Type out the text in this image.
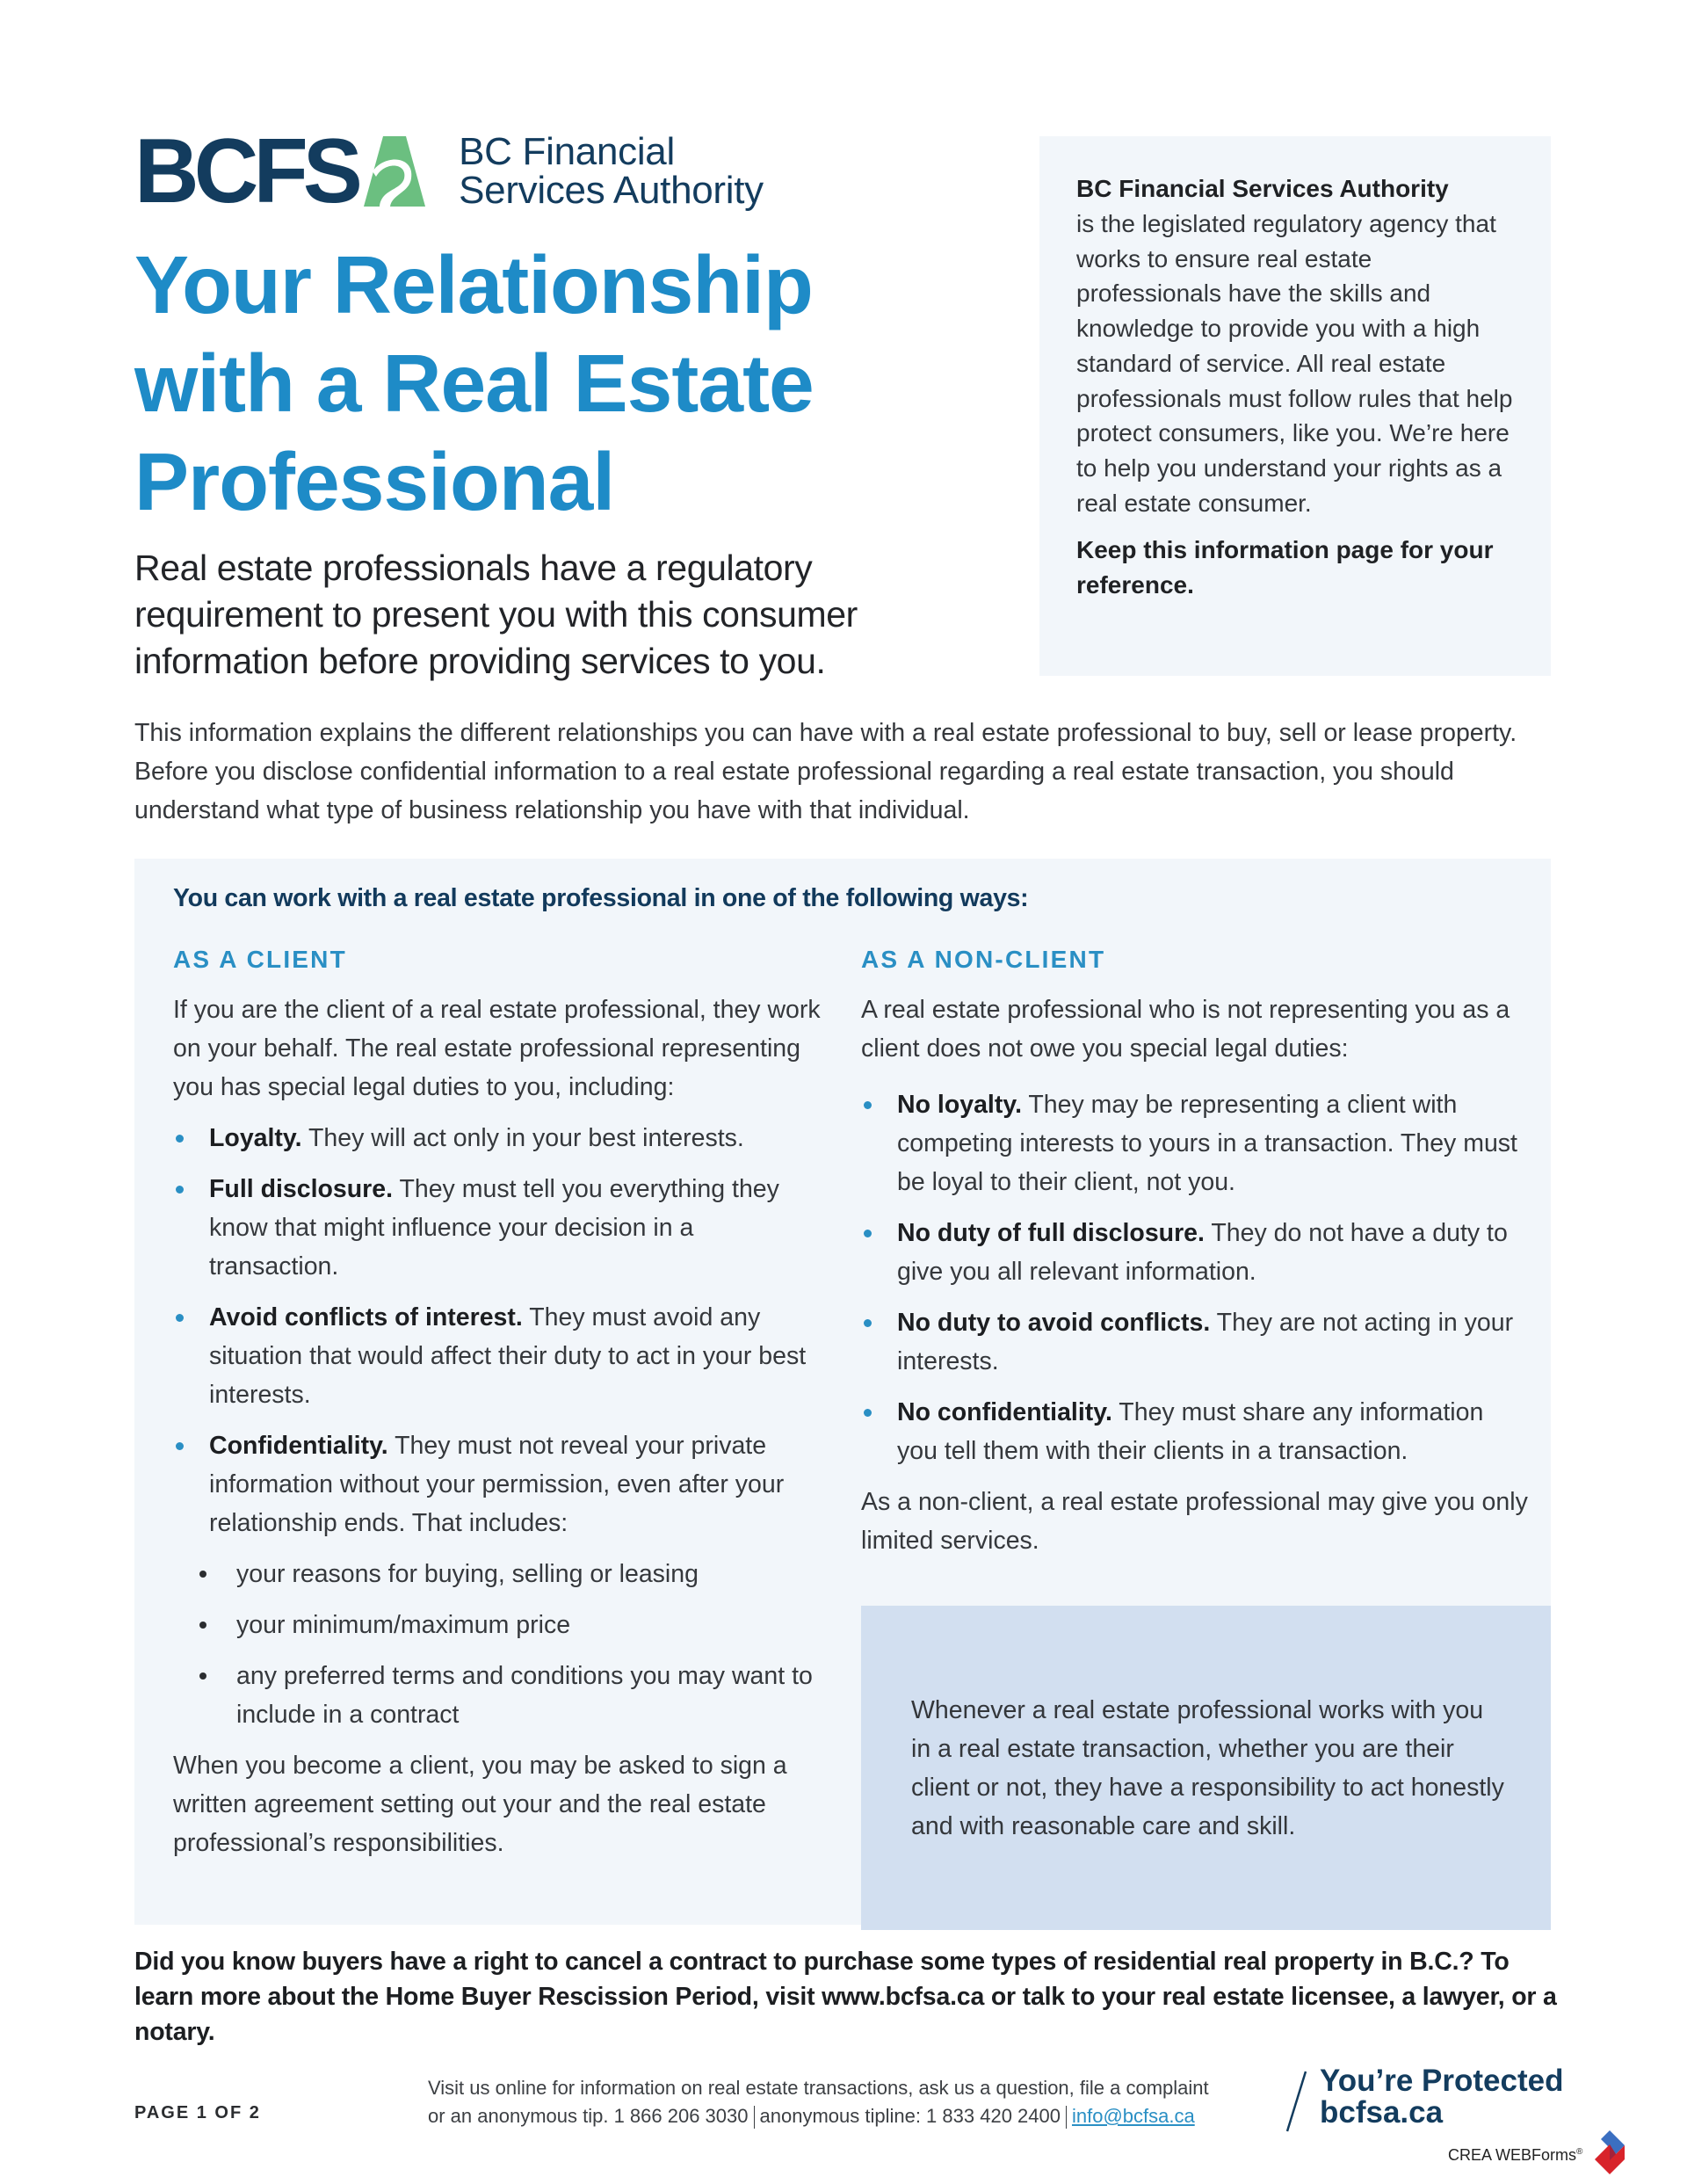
BCFS	BC Financial
Services Authority
Your Relationship
with a Real Estate
Professional

Real estate professionals have a regulatory requirement to present you with this consumer information before providing services to you.

BC Financial Services Authority
is the legislated regulatory agency that works to ensure real estate professionals have the skills and knowledge to provide you with a high standard of service. All real estate professionals must follow rules that help protect consumers, like you. We’re here to help you understand your rights as a real estate consumer.
Keep this information page for your reference.

This information explains the different relationships you can have with a real estate professional to buy, sell or lease property. Before you disclose confidential information to a real estate professional regarding a real estate transaction, you should understand what type of business relationship you have with that individual.

You can work with a real estate professional in one of the following ways:
AS A CLIENT

If you are the client of a real estate professional, they work on your behalf. The real estate professional representing you has special legal duties to you, including:

Loyalty. They will act only in your best interests.
Full disclosure. They must tell you everything they know that might influence your decision in a transaction.
Avoid conflicts of interest. They must avoid any situation that would affect their duty to act in your best interests.
Confidentiality. They must not reveal your private information without your permission, even after your relationship ends. That includes:
your reasons for buying, selling or leasing
your minimum/maximum price
any preferred terms and conditions you may want to include in a contract

When you become a client, you may be asked to sign a written agreement setting out your and the real estate professional’s responsibilities.

AS A NON-CLIENT

A real estate professional who is not representing you as a client does not owe you special legal duties:

No loyalty. They may be representing a client with competing interests to yours in a transaction. They must be loyal to their client, not you.
No duty of full disclosure. They do not have a duty to give you all relevant information.
No duty to avoid conflicts. They are not acting in your interests.
No confidentiality. They must share any information you tell them with their clients in a transaction.

As a non-client, a real estate professional may give you only limited services.

Whenever a real estate professional works with you in a real estate transaction, whether you are their client or not, they have a responsibility to act honestly and with reasonable care and skill.

Did you know buyers have a right to cancel a contract to purchase some types of residential real property in B.C.? To learn more about the Home Buyer Rescission Period, visit www.bcfsa.ca or talk to your real estate licensee, a lawyer, or a notary.

PAGE 1 OF 2
Visit us online for information on real estate transactions, ask us a question, file a complaint
or an anonymous tip. 1 866 206 3030 anonymous tipline: 1 833 420 2400 info@bcfsa.ca
You’re Protected
bcfsa.ca
CREA WEBForms®
